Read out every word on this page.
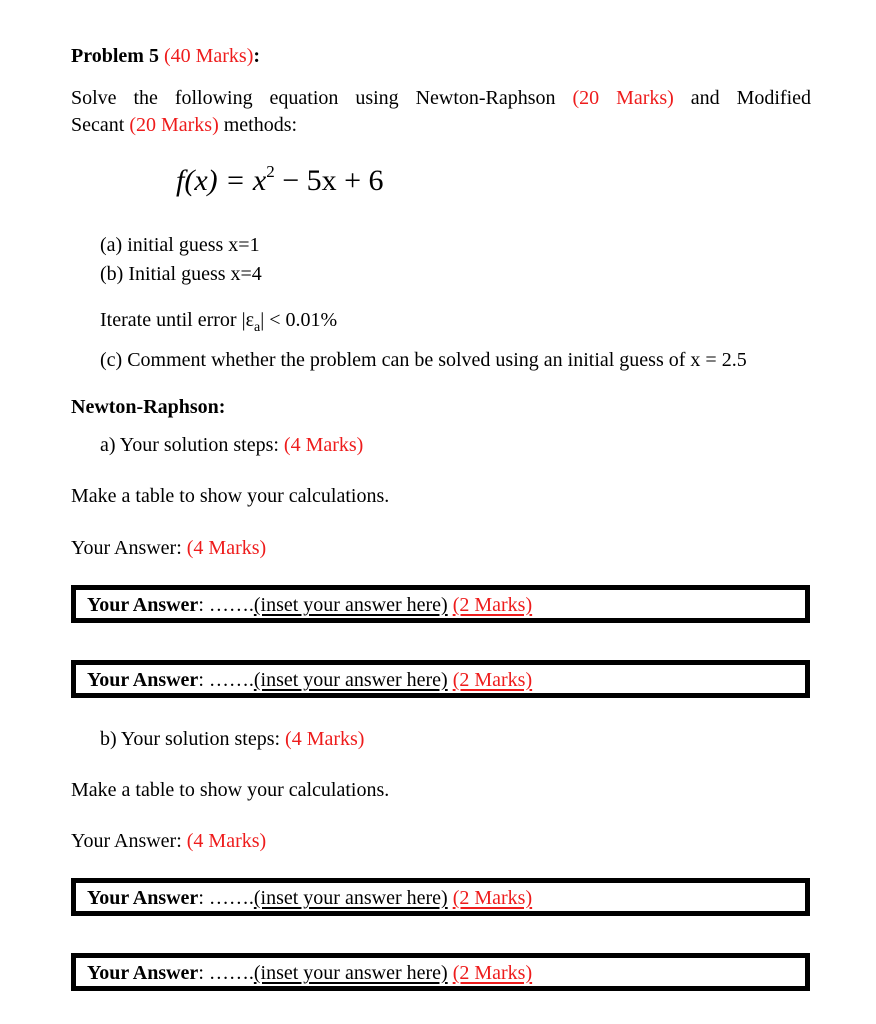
Problem 5 (40 Marks):
Solve the following equation using Newton-Raphson (20 Marks) and Modified
Secant (20 Marks) methods:
$f(x) = x^2 - 5x + 6$
(a) initial guess x=1
(b) Initial guess x=4
Iterate until error $|\varepsilon_a| < 0.01\%$
(c) Comment whether the problem can be solved using an initial guess of x = 2.5
Newton-Raphson:
a) Your solution steps: (4 Marks)
Make a table to show your calculations.
Your Answer: (4 Marks)
Your Answer: …….(inset your answer here) (2 Marks)
Your Answer: …….(inset your answer here) (2 Marks)
b) Your solution steps: (4 Marks)
Make a table to show your calculations.
Your Answer: (4 Marks)
Your Answer: …….(inset your answer here) (2 Marks)
Your Answer: …….(inset your answer here) (2 Marks)
